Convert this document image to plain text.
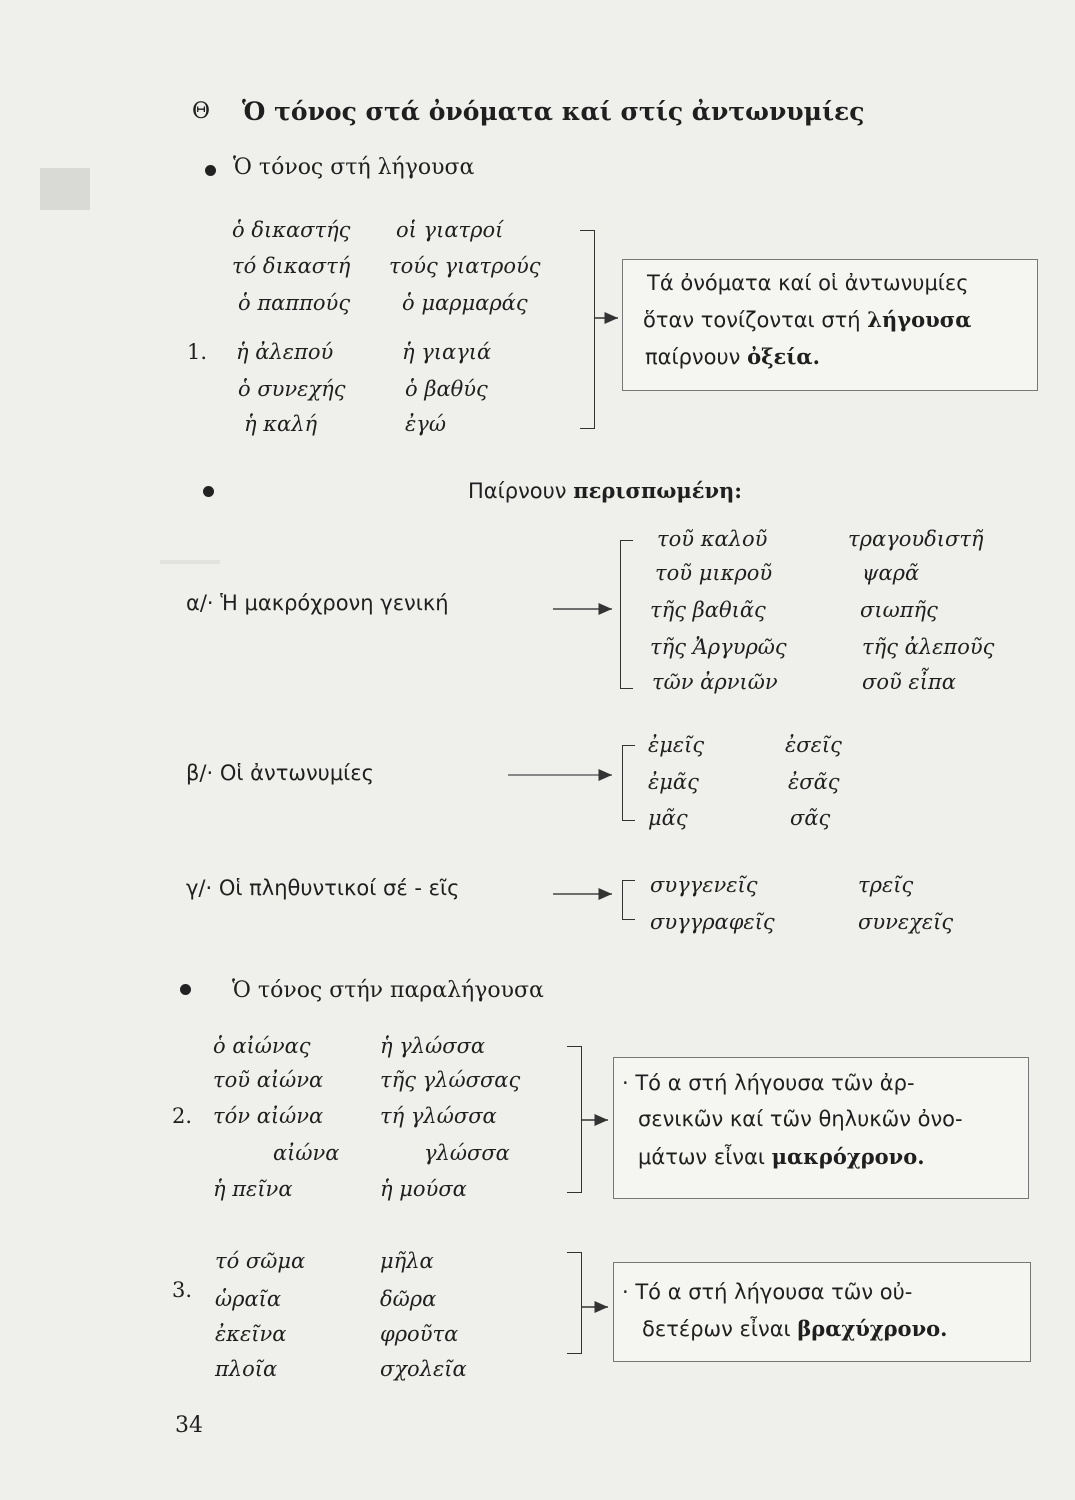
Θ Ὁ τόνος στά ὀνόματα καί στίς ἀντωνυμίες
Ὁ τόνος στή λήγουσα
ὁ δικαστής
τό δικαστή
ὁ παππούς
ἡ ἀλεπού
ὁ συνεχής
ἡ καλή
1.
οἱ γιατροί
τούς γιατρούς
ὁ μαρμαράς
ἡ γιαγιά
ὁ βαθύς
ἐγώ
Τά ὀνόματα καί οἱ ἀντωνυμίες
ὅταν τονίζονται στή λήγουσα
παίρνουν ὀξεία.
Παίρνουν περισπωμένη:
α/· Ἡ μακρόχρονη γενική
τοῦ καλοῦ
τοῦ μικροῦ
τῆς βαθιᾶς
τῆς Ἀργυρῶς
τῶν ἀρνιῶν
τραγουδιστῆ
ψαρᾶ
σιωπῆς
τῆς ἀλεποῦς
σοῦ εἶπα
β/· Οἱ ἀντωνυμίες
ἐμεῖς
ἐμᾶς
μᾶς
ἐσεῖς
ἐσᾶς
σᾶς
γ/· Οἱ πληθυντικοί σέ - εῖς	συγγενεῖς
συγγραφεῖς
τρεῖς
συνεχεῖς
Ὁ τόνος στήν παραλήγουσα
ὁ αἰώνας
τοῦ αἰώνα
2. τόν αἰώνα
αἰώνα
ἡ πεῖνα
ἡ γλώσσα
τῆς γλώσσας
τή γλώσσα
γλώσσα
ἡ μούσα
· Τό α στή λήγουσα τῶν ἀρ-
σενικῶν καί τῶν θηλυκῶν ὀνο-
μάτων εἶναι μακρόχρονο.
3.
τό σῶμα
ὡραῖα
ἐκεῖνα
πλοῖα
μῆλα
δῶρα
φροῦτα
σχολεῖα
· Τό α στή λήγουσα τῶν οὐ-
δετέρων εἶναι βραχύχρονο.
34
